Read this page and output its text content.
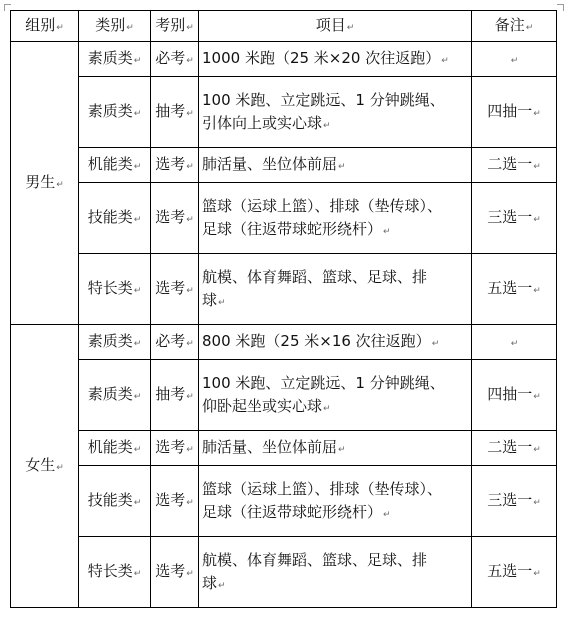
组别↵	类别↵	考别↵	项目↵	备注↵
男生↵	素质类↵	必考↵	1000 米跑（25 米×20 次往返跑）↵	↵
	素质类↵	抽考↵	100 米跑、立定跳远、1 分钟跳绳、
引体向上或实心球↵	四抽一↵
	机能类↵	选考↵	肺活量、坐位体前屈↵	二选一↵
	技能类↵	选考↵	篮球（运球上篮）、排球（垫传球）、
足球（往返带球蛇形绕杆）↵	三选一↵
	特长类↵	选考↵	航模、体育舞蹈、篮球、足球、排
球↵	五选一↵
女生↵	素质类↵	必考↵	800 米跑（25 米×16 次往返跑）↵	↵
	素质类↵	抽考↵	100 米跑、立定跳远、1 分钟跳绳、
仰卧起坐或实心球↵	四抽一↵
	机能类↵	选考↵	肺活量、坐位体前屈↵	二选一↵
	技能类↵	选考↵	篮球（运球上篮）、排球（垫传球）、
足球（往返带球蛇形绕杆）↵	三选一↵
	特长类↵	选考↵	航模、体育舞蹈、篮球、足球、排
球↵	五选一↵
